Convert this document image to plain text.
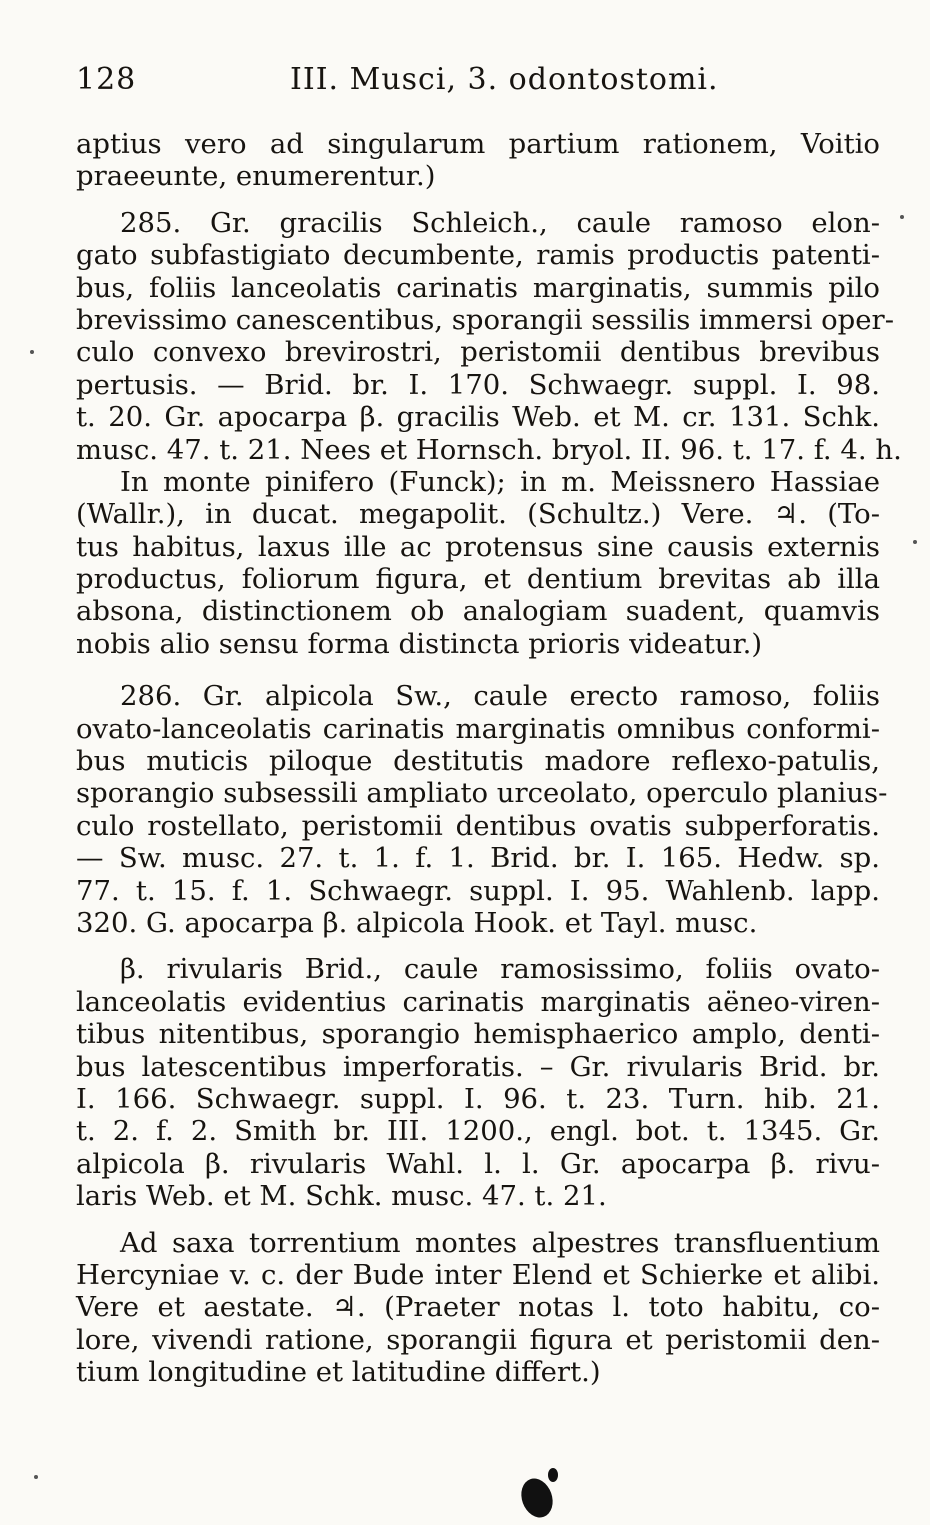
128	III. Musci, 3. odontostomi.
aptius vero ad singularum partium rationem, Voitio
praeeunte, enumerentur.)
285. Gr. gracilis Schleich., caule ramoso elon-
gato subfastigiato decumbente, ramis productis patenti-
bus, foliis lanceolatis carinatis marginatis, summis pilo
brevissimo canescentibus, sporangii sessilis immersi oper-
culo convexo brevirostri, peristomii dentibus brevibus
pertusis. — Brid. br. I. 170. Schwaegr. suppl. I. 98.
t. 20. Gr. apocarpa β. gracilis Web. et M. cr. 131. Schk.
musc. 47. t. 21. Nees et Hornsch. bryol. II. 96. t. 17. f. 4. h.
In monte pinifero (Funck); in m. Meissnero Hassiae
(Wallr.), in ducat. megapolit. (Schultz.) Vere. ♃. (To-
tus habitus, laxus ille ac protensus sine causis externis
productus, foliorum figura, et dentium brevitas ab illa
absona, distinctionem ob analogiam suadent, quamvis
nobis alio sensu forma distincta prioris videatur.)
286. Gr. alpicola Sw., caule erecto ramoso, foliis
ovato-lanceolatis carinatis marginatis omnibus conformi-
bus muticis piloque destitutis madore reflexo-patulis,
sporangio subsessili ampliato urceolato, operculo planius-
culo rostellato, peristomii dentibus ovatis subperforatis.
— Sw. musc. 27. t. 1. f. 1. Brid. br. I. 165. Hedw. sp.
77. t. 15. f. 1. Schwaegr. suppl. I. 95. Wahlenb. lapp.
320. G. apocarpa β. alpicola Hook. et Tayl. musc.
β. rivularis Brid., caule ramosissimo, foliis ovato-
lanceolatis evidentius carinatis marginatis aëneo-viren-
tibus nitentibus, sporangio hemisphaerico amplo, denti-
bus latescentibus imperforatis. – Gr. rivularis Brid. br.
I. 166. Schwaegr. suppl. I. 96. t. 23. Turn. hib. 21.
t. 2. f. 2. Smith br. III. 1200., engl. bot. t. 1345. Gr.
alpicola β. rivularis Wahl. l. l. Gr. apocarpa β. rivu-
laris Web. et M. Schk. musc. 47. t. 21.
Ad saxa torrentium montes alpestres transfluentium
Hercyniae v. c. der Bude inter Elend et Schierke et alibi.
Vere et aestate. ♃. (Praeter notas l. toto habitu, co-
lore, vivendi ratione, sporangii figura et peristomii den-
tium longitudine et latitudine differt.)
